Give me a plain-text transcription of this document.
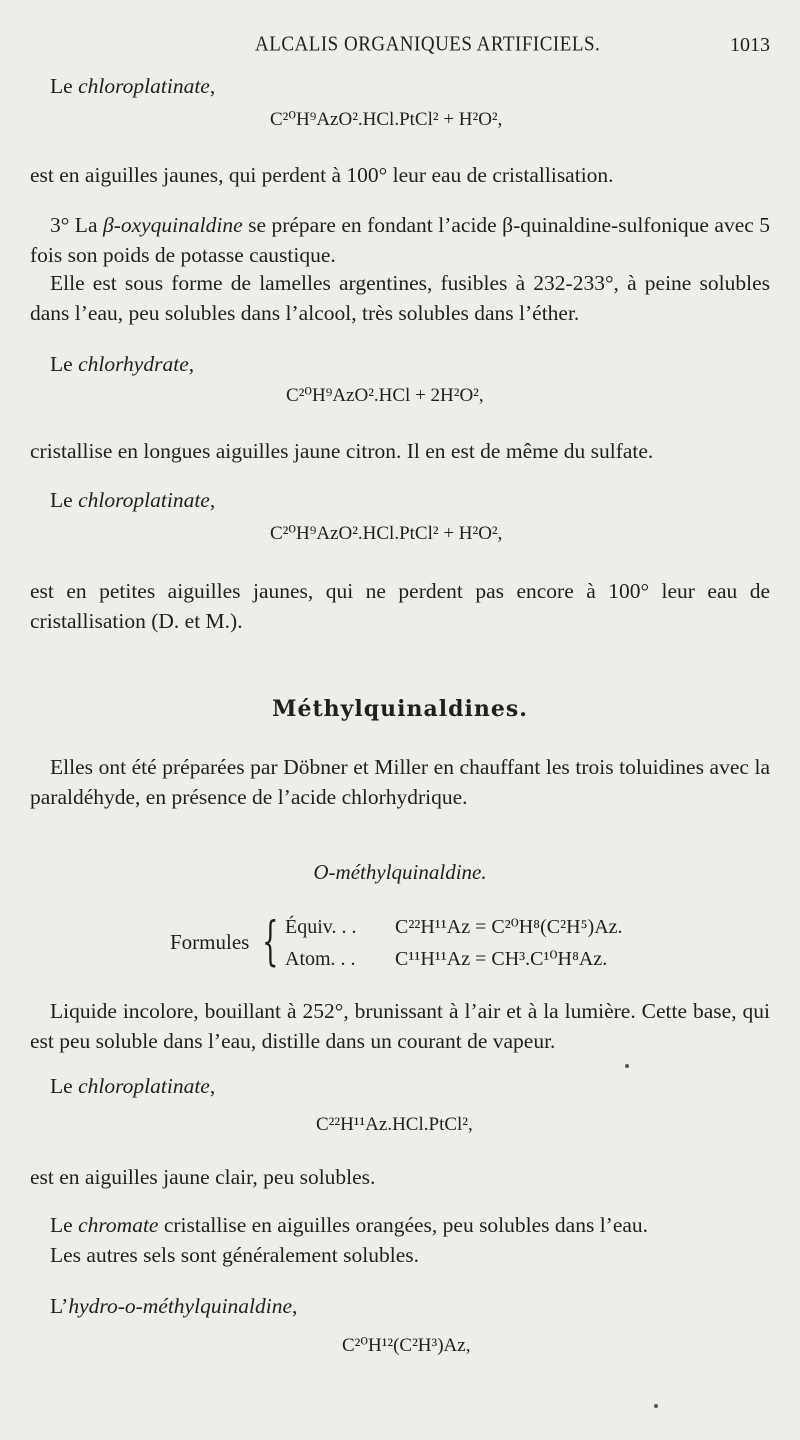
ALCALIS ORGANIQUES ARTIFICIELS.	1013
Le chloroplatinate,
C²⁰H⁹AzO².HCl.PtCl² + H²O²,

est en aiguilles jaunes, qui perdent à 100° leur eau de cristallisation.

3° La β-oxyquinaldine se prépare en fondant l’acide β-quinaldine-sulfonique avec 5 fois son poids de potasse caustique.

Elle est sous forme de lamelles argentines, fusibles à 232-233°, à peine solubles dans l’eau, peu solubles dans l’alcool, très solubles dans l’éther.

Le chlorhydrate,
C²⁰H⁹AzO².HCl + 2H²O²,

cristallise en longues aiguilles jaune citron. Il en est de même du sulfate.

Le chloroplatinate,
C²⁰H⁹AzO².HCl.PtCl² + H²O²,

est en petites aiguilles jaunes, qui ne perdent pas encore à 100° leur eau de cristallisation (D. et M.).

Méthylquinaldines.

Elles ont été préparées par Döbner et Miller en chauffant les trois toluidines avec la paraldéhyde, en présence de l’acide chlorhydrique.

O-méthylquinaldine.
Formules { Équiv. . . C²²H¹¹Az = C²⁰H⁸(C²H⁵)Az.
Atom. . . C¹¹H¹¹Az = CH³.C¹⁰H⁸Az.

Liquide incolore, bouillant à 252°, brunissant à l’air et à la lumière. Cette base, qui est peu soluble dans l’eau, distille dans un courant de vapeur.

Le chloroplatinate,
C²²H¹¹Az.HCl.PtCl²,

est en aiguilles jaune clair, peu solubles.

Le chromate cristallise en aiguilles orangées, peu solubles dans l’eau.

Les autres sels sont généralement solubles.

L’hydro-o-méthylquinaldine,
C²⁰H¹²(C²H³)Az,
